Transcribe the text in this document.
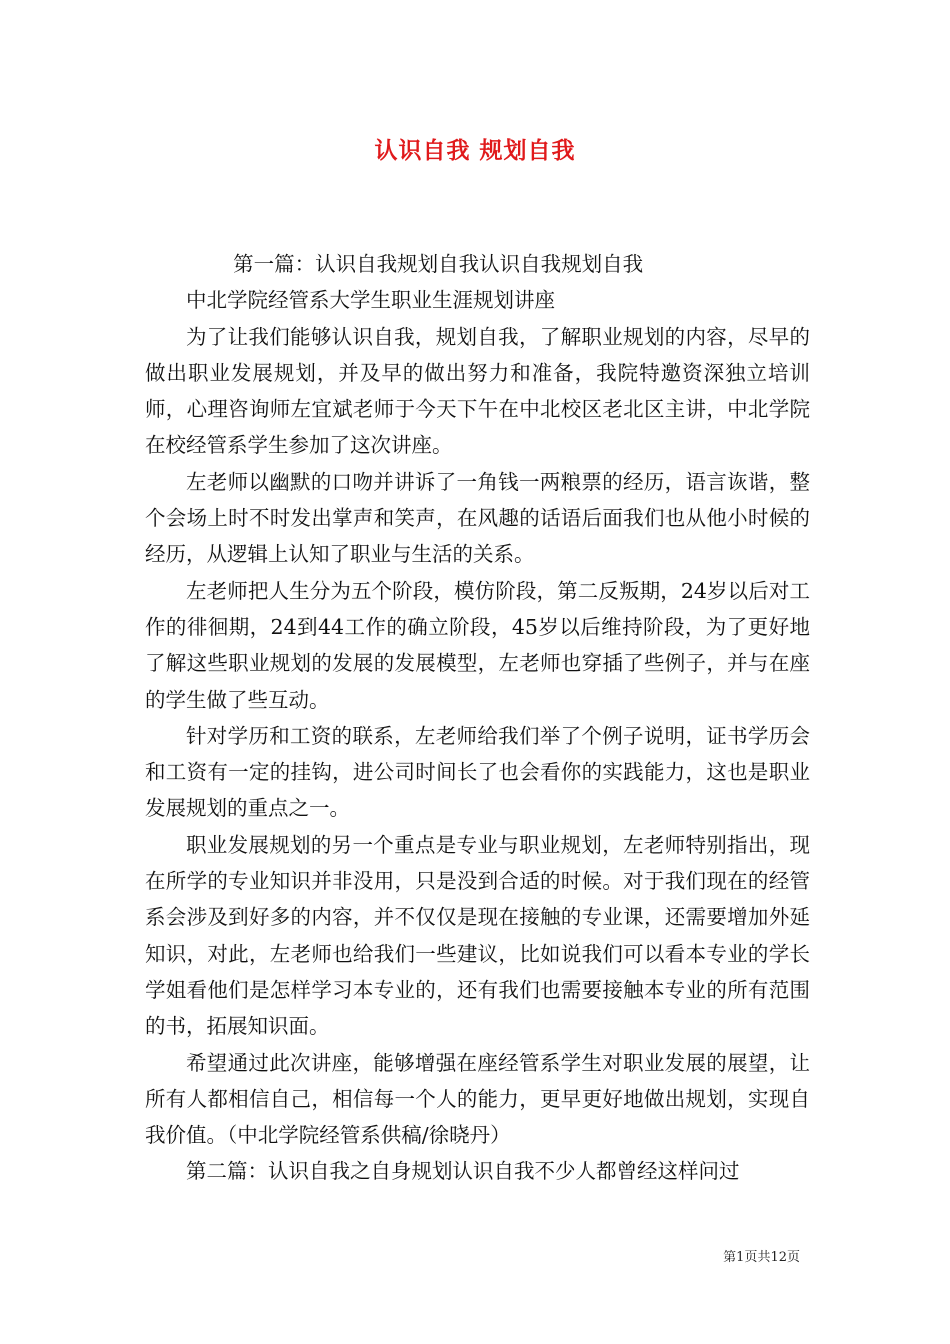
认识自我 规划自我

第一篇：认识自我规划自我认识自我规划自我

中北学院经管系大学生职业生涯规划讲座

为了让我们能够认识自我，规划自我，了解职业规划的内容，尽早的做出职业发展规划，并及早的做出努力和准备，我院特邀资深独立培训师，心理咨询师左宜斌老师于今天下午在中北校区老北区主讲，中北学院在校经管系学生参加了这次讲座。

左老师以幽默的口吻并讲诉了一角钱一两粮票的经历，语言诙谐，整个会场上时不时发出掌声和笑声，在风趣的话语后面我们也从他小时候的经历，从逻辑上认知了职业与生活的关系。

左老师把人生分为五个阶段，模仿阶段，第二反叛期，24岁以后对工作的徘徊期，24到44工作的确立阶段，45岁以后维持阶段，为了更好地了解这些职业规划的发展的发展模型，左老师也穿插了些例子，并与在座的学生做了些互动。

针对学历和工资的联系，左老师给我们举了个例子说明，证书学历会和工资有一定的挂钩，进公司时间长了也会看你的实践能力，这也是职业发展规划的重点之一。

职业发展规划的另一个重点是专业与职业规划，左老师特别指出，现在所学的专业知识并非没用，只是没到合适的时候。对于我们现在的经管系会涉及到好多的内容，并不仅仅是现在接触的专业课，还需要增加外延知识，对此，左老师也给我们一些建议，比如说我们可以看本专业的学长学姐看他们是怎样学习本专业的，还有我们也需要接触本专业的所有范围的书，拓展知识面。

希望通过此次讲座，能够增强在座经管系学生对职业发展的展望，让所有人都相信自己，相信每一个人的能力，更早更好地做出规划，实现自我价值。（中北学院经管系供稿/徐晓丹）

第二篇：认识自我之自身规划认识自我不少人都曾经这样问过

第1页共12页
